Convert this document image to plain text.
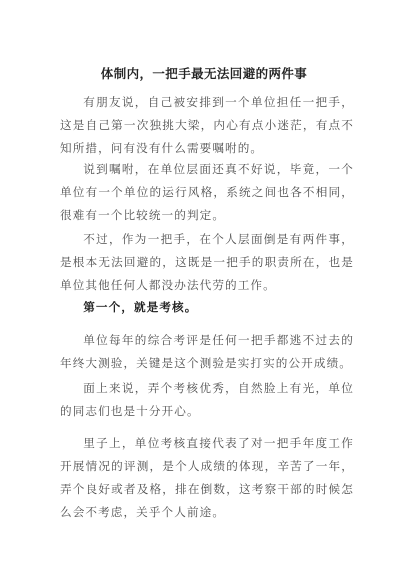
体制内，一把手最无法回避的两件事
有朋友说，自己被安排到一个单位担任一把手，这是自己第一次独挑大梁，内心有点小迷茫，有点不知所措，问有没有什么需要嘱咐的。
说到嘱咐，在单位层面还真不好说，毕竟，一个单位有一个单位的运行风格，系统之间也各不相同，很难有一个比较统一的判定。
不过，作为一把手，在个人层面倒是有两件事，是根本无法回避的，这既是一把手的职责所在，也是单位其他任何人都没办法代劳的工作。
第一个，就是考核。
单位每年的综合考评是任何一把手都逃不过去的年终大测验，关键是这个测验是实打实的公开成绩。
面上来说，弄个考核优秀，自然脸上有光，单位的同志们也是十分开心。
里子上，单位考核直接代表了对一把手年度工作开展情况的评测，是个人成绩的体现，辛苦了一年，弄个良好或者及格，排在倒数，这考察干部的时候怎么会不考虑，关乎个人前途。
